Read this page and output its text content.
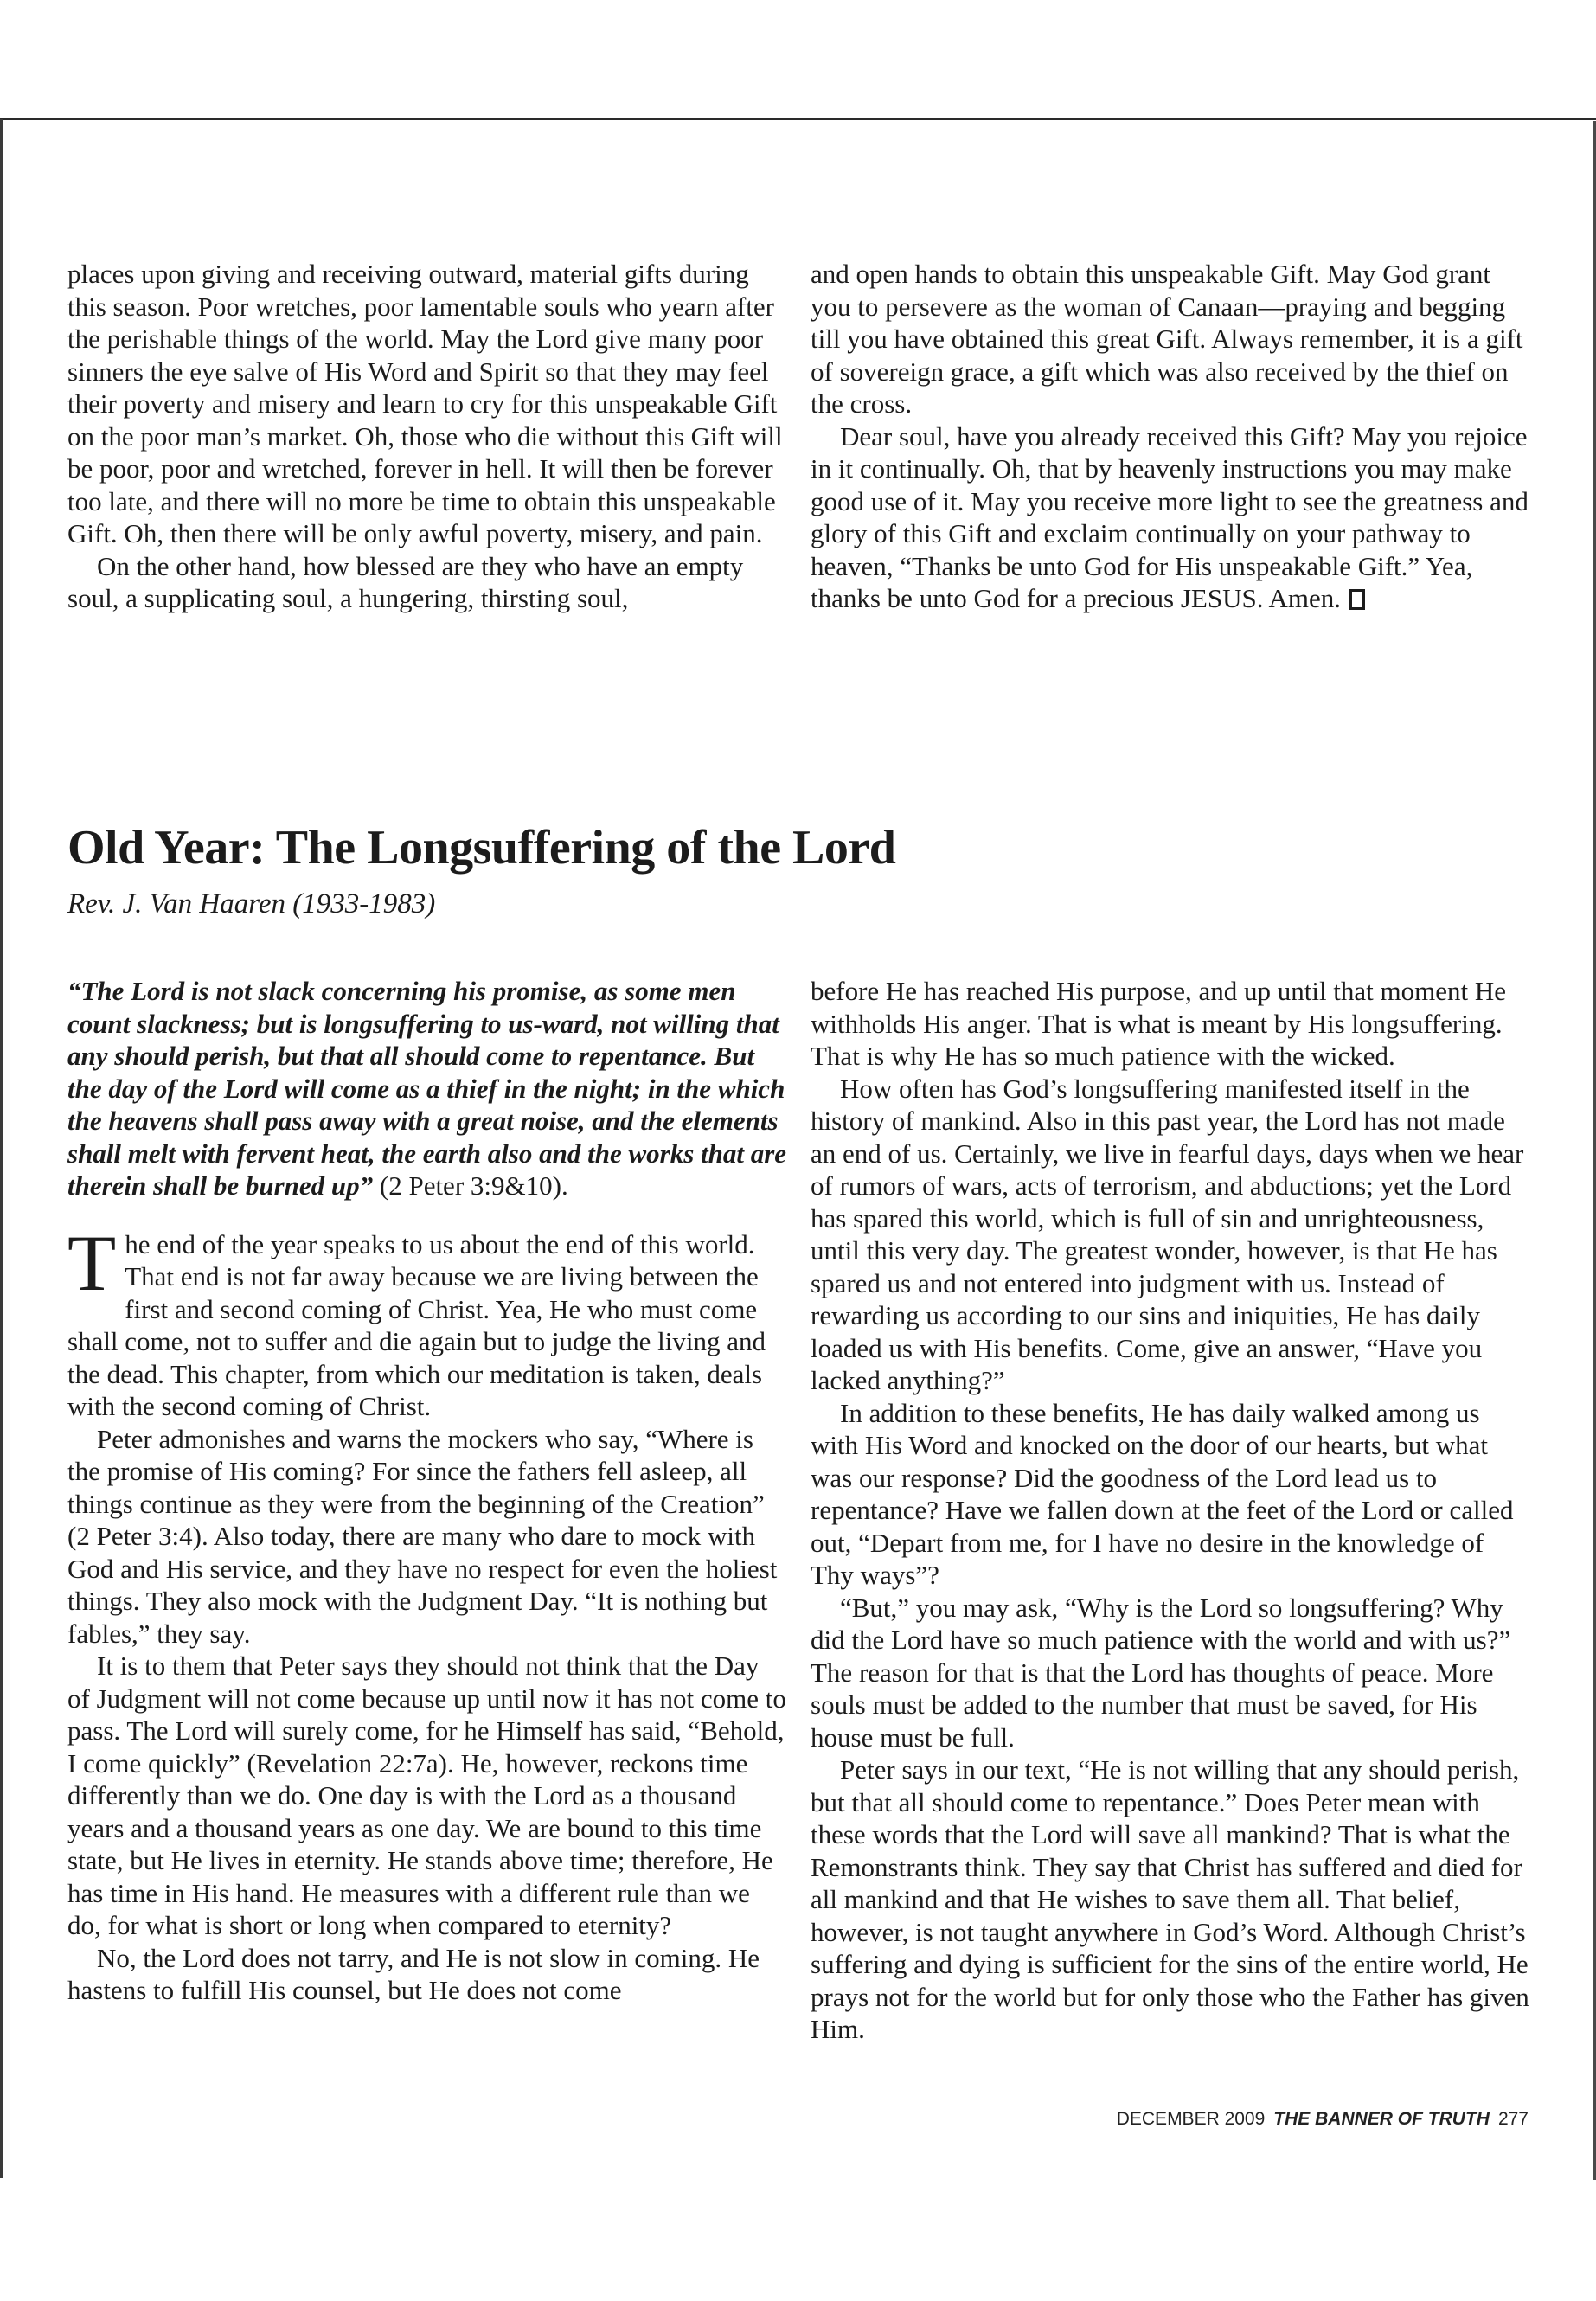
places upon giving and receiving outward, material gifts during this season. Poor wretches, poor lamentable souls who yearn after the perishable things of the world. May the Lord give many poor sinners the eye salve of His Word and Spirit so that they may feel their poverty and misery and learn to cry for this unspeakable Gift on the poor man’s market. Oh, those who die without this Gift will be poor, poor and wretched, forever in hell. It will then be forever too late, and there will no more be time to obtain this unspeakable Gift. Oh, then there will be only awful poverty, misery, and pain.

On the other hand, how blessed are they who have an empty soul, a supplicating soul, a hungering, thirsting soul,

and open hands to obtain this unspeakable Gift. May God grant you to persevere as the woman of Canaan—praying and begging till you have obtained this great Gift. Always remember, it is a gift of sovereign grace, a gift which was also received by the thief on the cross.

Dear soul, have you already received this Gift? May you rejoice in it continually. Oh, that by heavenly instructions you may make good use of it. May you receive more light to see the greatness and glory of this Gift and exclaim continually on your pathway to heaven, “Thanks be unto God for His unspeakable Gift.” Yea, thanks be unto God for a precious JESUS. Amen.

Old Year: The Longsuffering of the Lord

Rev. J. Van Haaren (1933-1983)

“The Lord is not slack concerning his promise, as some men count slackness; but is longsuffering to us-ward, not willing that any should perish, but that all should come to repentance. But the day of the Lord will come as a thief in the night; in the which the heavens shall pass away with a great noise, and the elements shall melt with fervent heat, the earth also and the works that are therein shall be burned up” (2 Peter 3:9&10).

The end of the year speaks to us about the end of this world. That end is not far away because we are living between the first and second coming of Christ. Yea, He who must come shall come, not to suffer and die again but to judge the living and the dead. This chapter, from which our meditation is taken, deals with the second coming of Christ.

Peter admonishes and warns the mockers who say, “Where is the promise of His coming? For since the fathers fell asleep, all things continue as they were from the beginning of the Creation” (2 Peter 3:4). Also today, there are many who dare to mock with God and His service, and they have no respect for even the holiest things. They also mock with the Judgment Day. “It is nothing but fables,” they say.

It is to them that Peter says they should not think that the Day of Judgment will not come because up until now it has not come to pass. The Lord will surely come, for he Himself has said, “Behold, I come quickly” (Revelation 22:7a). He, however, reckons time differently than we do. One day is with the Lord as a thousand years and a thousand years as one day. We are bound to this time state, but He lives in eternity. He stands above time; therefore, He has time in His hand. He measures with a different rule than we do, for what is short or long when compared to eternity?

No, the Lord does not tarry, and He is not slow in coming. He hastens to fulfill His counsel, but He does not come

before He has reached His purpose, and up until that moment He withholds His anger. That is what is meant by His longsuffering. That is why He has so much patience with the wicked.

How often has God’s longsuffering manifested itself in the history of mankind. Also in this past year, the Lord has not made an end of us. Certainly, we live in fearful days, days when we hear of rumors of wars, acts of terrorism, and abductions; yet the Lord has spared this world, which is full of sin and unrighteousness, until this very day. The greatest wonder, however, is that He has spared us and not entered into judgment with us. Instead of rewarding us according to our sins and iniquities, He has daily loaded us with His benefits. Come, give an answer, “Have you lacked anything?”

In addition to these benefits, He has daily walked among us with His Word and knocked on the door of our hearts, but what was our response? Did the goodness of the Lord lead us to repentance? Have we fallen down at the feet of the Lord or called out, “Depart from me, for I have no desire in the knowledge of Thy ways”?

“But,” you may ask, “Why is the Lord so longsuffering? Why did the Lord have so much patience with the world and with us?” The reason for that is that the Lord has thoughts of peace. More souls must be added to the number that must be saved, for His house must be full.

Peter says in our text, “He is not willing that any should perish, but that all should come to repentance.” Does Peter mean with these words that the Lord will save all mankind? That is what the Remonstrants think. They say that Christ has suffered and died for all mankind and that He wishes to save them all. That belief, however, is not taught anywhere in God’s Word. Although Christ’s suffering and dying is sufficient for the sins of the entire world, He prays not for the world but for only those who the Father has given Him.

DECEMBER 2009 THE BANNER OF TRUTH 277
